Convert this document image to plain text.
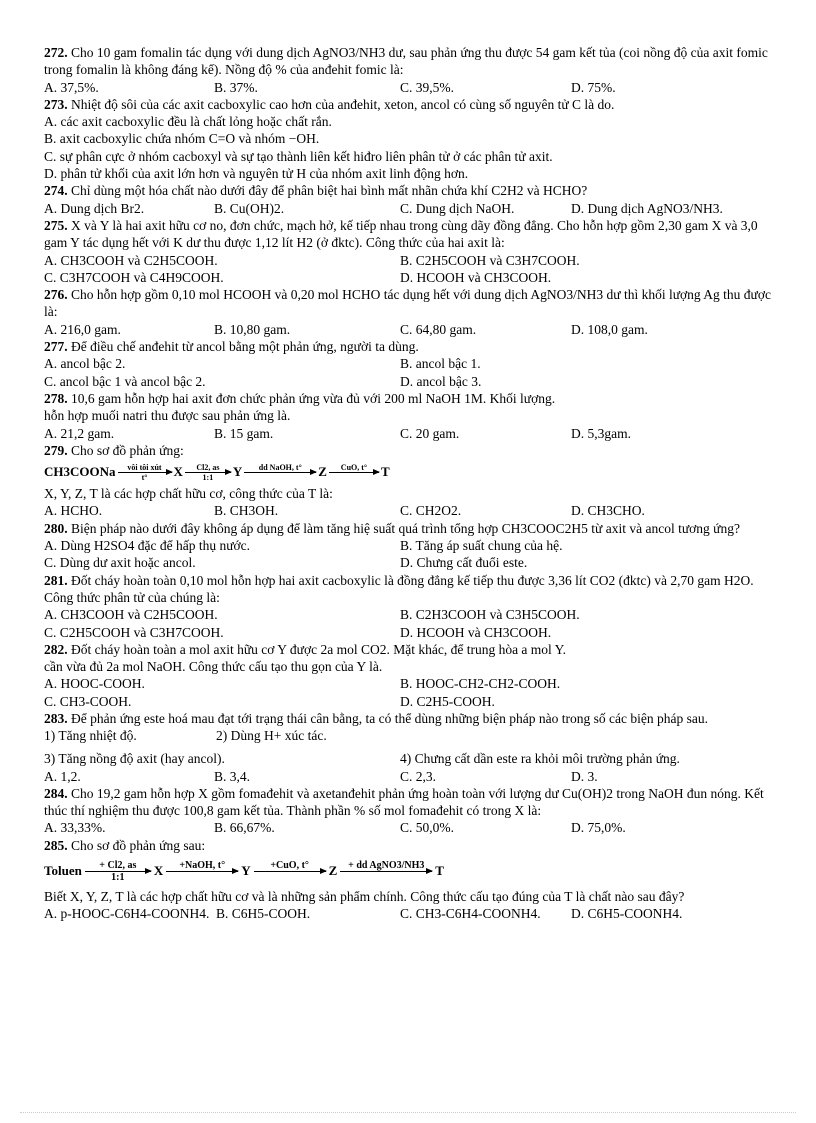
272. Cho 10 gam fomalin tác dụng với dung dịch AgNO3/NH3 dư, sau phản ứng thu được 54 gam kết tủa (coi nồng độ của axit fomic trong fomalin là không đáng kể). Nồng độ % của anđehit fomic là:

A. 37,5%.	B. 37%.	C. 39,5%.	D. 75%.

273. Nhiệt độ sôi của các axit cacboxylic cao hơn của anđehit, xeton, ancol có cùng số nguyên tử C là do.

A. các axit cacboxylic đều là chất lỏng hoặc chất rắn.

B. axit cacboxylic chứa nhóm C=O và nhóm −OH.

C. sự phân cực ở nhóm cacboxyl và sự tạo thành liên kết hiđro liên phân tử ở các phân tử axit.

D. phân tử khối của axit lớn hơn và nguyên tử H của nhóm axit linh động hơn.

274. Chỉ dùng một hóa chất nào dưới đây để phân biệt hai bình mất nhãn chứa khí C2H2 và HCHO?

A. Dung dịch Br2.	B. Cu(OH)2.	C. Dung dịch NaOH.	D. Dung dịch AgNO3/NH3.

275. X và Y là hai axit hữu cơ no, đơn chức, mạch hở, kế tiếp nhau trong cùng dãy đồng đẳng. Cho hỗn hợp gồm 2,30 gam X và 3,0 gam Y tác dụng hết với K dư thu được 1,12 lít H2 (ở đktc). Công thức của hai axit là:

A. CH3COOH và C2H5COOH.	B. C2H5COOH và C3H7COOH.
C. C3H7COOH và C4H9COOH.	D. HCOOH và CH3COOH.

276. Cho hỗn hợp gồm 0,10 mol HCOOH và 0,20 mol HCHO tác dụng hết với dung dịch AgNO3/NH3 dư thì khối lượng Ag thu được là:

A. 216,0 gam.	B. 10,80 gam.	C. 64,80 gam.	D. 108,0 gam.

277. Để điều chế anđehit từ ancol bằng một phản ứng, người ta dùng.

A. ancol bậc 2.	B. ancol bậc 1.
C. ancol bậc 1 và ancol bậc 2.	D. ancol bậc 3.

278. 10,6 gam hỗn hợp hai axit đơn chức phản ứng vừa đủ với 200 ml NaOH 1M. Khối lượng.

hỗn hợp muối natri thu được sau phản ứng là.

A. 21,2 gam.	B. 15 gam.	C. 20 gam.	D. 5,3gam.

279. Cho sơ đồ phản ứng:

CH3COONa vôi tôi xút
t° X Cl2, as
1:1 Y dd NaOH, t°
Z CuO, t°
T

X, Y, Z, T là các hợp chất hữu cơ, công thức của T là:

A. HCHO.	B. CH3OH.	C. CH2O2.	D. CH3CHO.

280. Biện pháp nào dưới đây không áp dụng để làm tăng hiệ suất quá trình tổng hợp CH3COOC2H5 từ axit và ancol tương ứng?

A. Dùng H2SO4 đặc để hấp thụ nước.	B. Tăng áp suất chung của hệ.
C. Dùng dư axit hoặc ancol.	D. Chưng cất đuổi este.

281. Đốt cháy hoàn toàn 0,10 mol hỗn hợp hai axit cacboxylic là đồng đẳng kế tiếp thu được 3,36 lít CO2 (đktc) và 2,70 gam H2O. Công thức phân tử của chúng là:

A. CH3COOH và C2H5COOH.	B. C2H3COOH và C3H5COOH.
C. C2H5COOH và C3H7COOH.	D. HCOOH và CH3COOH.

282. Đốt cháy hoàn toàn a mol axit hữu cơ Y được 2a mol CO2. Mặt khác, để trung hòa a mol Y.

cần vừa đủ 2a mol NaOH. Công thức cấu tạo thu gọn của Y là.

A. HOOC-COOH.	B. HOOC-CH2-CH2-COOH.
C. CH3-COOH.	D. C2H5-COOH.

283. Để phản ứng este hoá mau đạt tới trạng thái cân bằng, ta có thể dùng những biện pháp nào trong số các biện pháp sau.

1) Tăng nhiệt độ.	2) Dùng H+ xúc tác.
3) Tăng nồng độ axit (hay ancol).	4) Chưng cất dần este ra khỏi môi trường phản ứng.
A. 1,2.	B. 3,4.	C. 2,3.	D. 3.

284. Cho 19,2 gam hỗn hợp X gồm fomađehit và axetanđehit phản ứng hoàn toàn với lượng dư Cu(OH)2 trong NaOH đun nóng. Kết thúc thí nghiệm thu được 100,8 gam kết tủa. Thành phần % số mol fomađehit có trong X là:

A. 33,33%.	B. 66,67%.	C. 50,0%.	D. 75,0%.

285. Cho sơ đồ phản ứng sau:

Toluen + Cl2, as
1:1 X +NaOH, t°
Y +CuO, t°
Z + dd AgNO3/NH3
T

Biết X, Y, Z, T là các hợp chất hữu cơ và là những sản phẩm chính. Công thức cấu tạo đúng của T là chất nào sau đây?

A. p-HOOC-C6H4-COONH4. B. C6H5-COOH.	C. CH3-C6H4-COONH4. D. C6H5-COONH4.
